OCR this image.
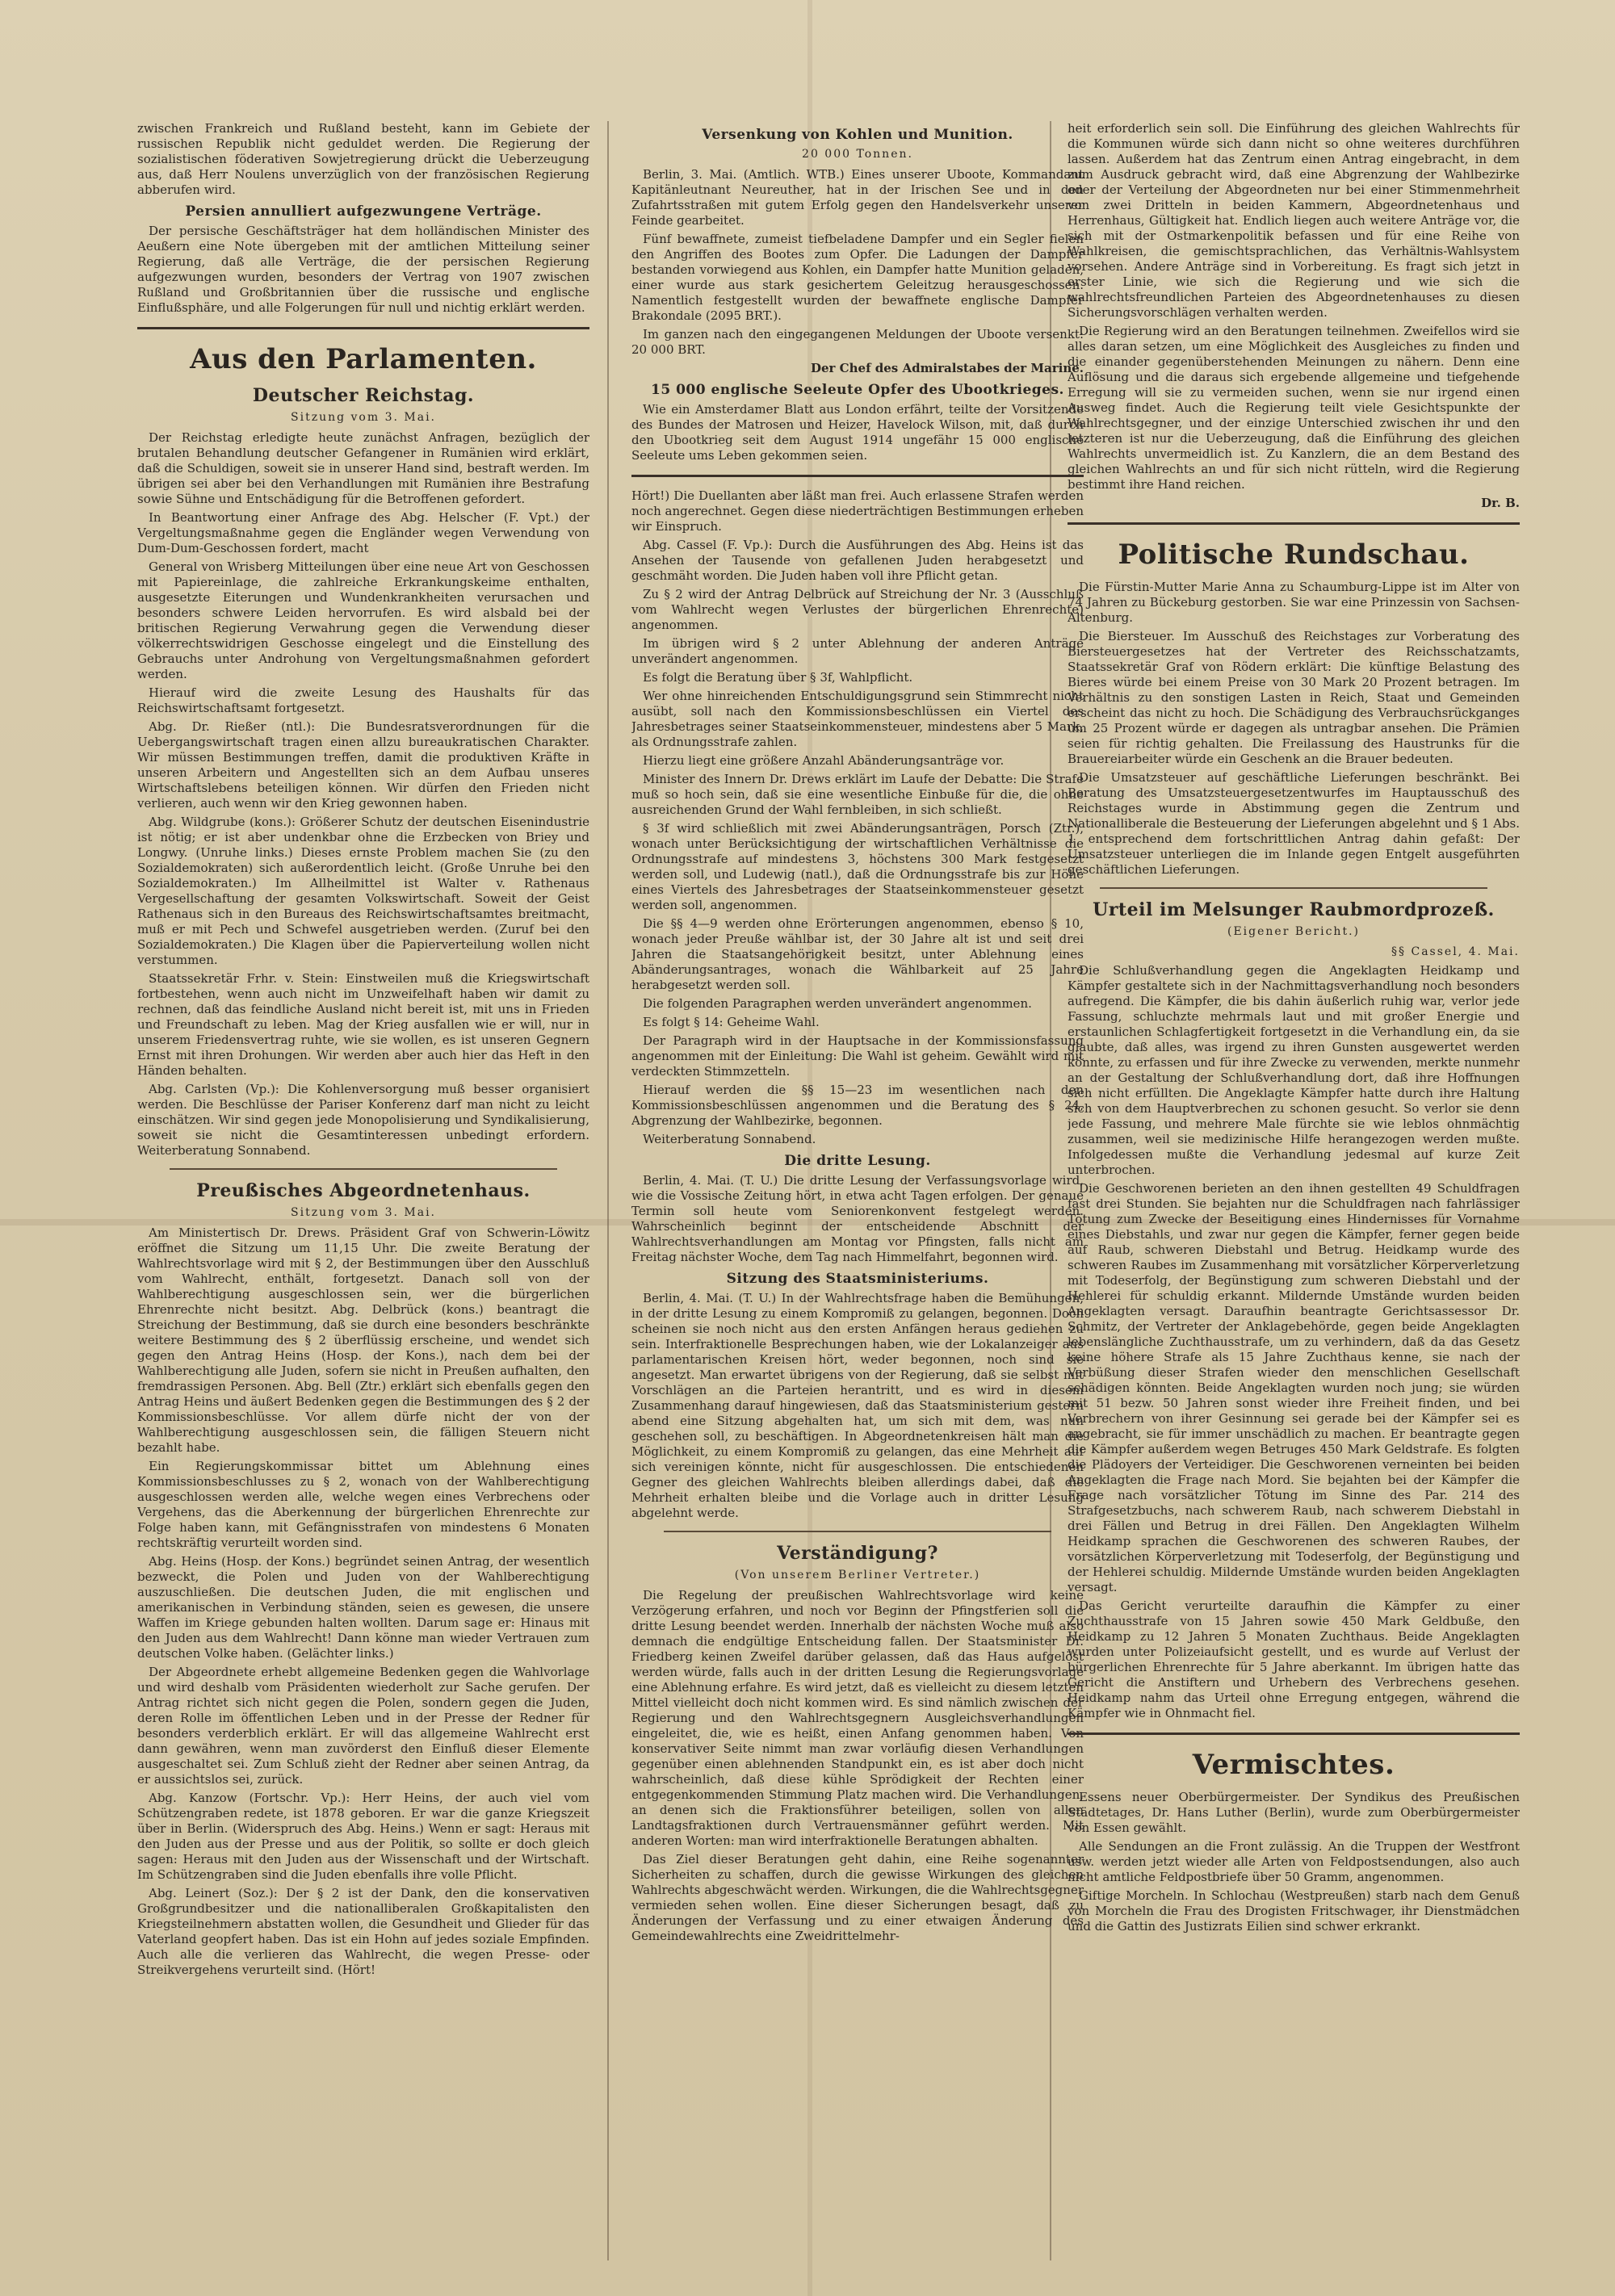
zwischen Frankreich und Rußland besteht, kann im Gebiete der russischen Republik nicht geduldet werden. Die Regierung der sozialistischen föderativen Sowjetregierung drückt die Ueberzeugung aus, daß Herr Noulens unverzüglich von der französischen Regierung abberufen wird.

Persien annulliert aufgezwungene Verträge.

Der persische Geschäftsträger hat dem holländischen Minister des Aeußern eine Note übergeben mit der amtlichen Mitteilung seiner Regierung, daß alle Verträge, die der persischen Regierung aufgezwungen wurden, besonders der Vertrag von 1907 zwischen Rußland und Großbritannien über die russische und englische Einflußsphäre, und alle Folgerungen für null und nichtig erklärt werden.

Aus den Parlamenten.
Deutscher Reichstag.
Sitzung vom 3. Mai.

Der Reichstag erledigte heute zunächst Anfragen, bezüglich der brutalen Behandlung deutscher Gefangener in Rumänien wird erklärt, daß die Schuldigen, soweit sie in unserer Hand sind, bestraft werden. Im übrigen sei aber bei den Verhandlungen mit Rumänien ihre Bestrafung sowie Sühne und Entschädigung für die Betroffenen gefordert.

In Beantwortung einer Anfrage des Abg. Helscher (F. Vpt.) der Vergeltungsmaßnahme gegen die Engländer wegen Verwendung von Dum-Dum-Geschossen fordert, macht

General von Wrisberg Mitteilungen über eine neue Art von Geschossen mit Papiereinlage, die zahlreiche Erkrankungskeime enthalten, ausgesetzte Eiterungen und Wundenkrankheiten verursachen und besonders schwere Leiden hervorrufen. Es wird alsbald bei der britischen Regierung Verwahrung gegen die Verwendung dieser völkerrechtswidrigen Geschosse eingelegt und die Einstellung des Gebrauchs unter Androhung von Vergeltungsmaßnahmen gefordert werden.

Hierauf wird die zweite Lesung des Haushalts für das Reichswirtschaftsamt fortgesetzt.

Abg. Dr. Rießer (ntl.): Die Bundesratsverordnungen für die Uebergangswirtschaft tragen einen allzu bureaukratischen Charakter. Wir müssen Bestimmungen treffen, damit die produktiven Kräfte in unseren Arbeitern und Angestellten sich an dem Aufbau unseres Wirtschaftslebens beteiligen können. Wir dürfen den Frieden nicht verlieren, auch wenn wir den Krieg gewonnen haben.

Abg. Wildgrube (kons.): Größerer Schutz der deutschen Eisenindustrie ist nötig; er ist aber undenkbar ohne die Erzbecken von Briey und Longwy. (Unruhe links.) Dieses ernste Problem machen Sie (zu den Sozialdemokraten) sich außerordentlich leicht. (Große Unruhe bei den Sozialdemokraten.) Im Allheilmittel ist Walter v. Rathenaus Vergesellschaftung der gesamten Volkswirtschaft. Soweit der Geist Rathenaus sich in den Bureaus des Reichswirtschaftsamtes breitmacht, muß er mit Pech und Schwefel ausgetrieben werden. (Zuruf bei den Sozialdemokraten.) Die Klagen über die Papierverteilung wollen nicht verstummen.

Staatssekretär Frhr. v. Stein: Einstweilen muß die Kriegswirtschaft fortbestehen, wenn auch nicht im Unzweifelhaft haben wir damit zu rechnen, daß das feindliche Ausland nicht bereit ist, mit uns in Frieden und Freundschaft zu leben. Mag der Krieg ausfallen wie er will, nur in unserem Friedensvertrag ruhte, wie sie wollen, es ist unseren Gegnern Ernst mit ihren Drohungen. Wir werden aber auch hier das Heft in den Händen behalten.

Abg. Carlsten (Vp.): Die Kohlenversorgung muß besser organisiert werden. Die Beschlüsse der Pariser Konferenz darf man nicht zu leicht einschätzen. Wir sind gegen jede Monopolisierung und Syndikalisierung, soweit sie nicht die Gesamtinteressen unbedingt erfordern. Weiterberatung Sonnabend.

Preußisches Abgeordnetenhaus.
Sitzung vom 3. Mai.

Am Ministertisch Dr. Drews. Präsident Graf von Schwerin-Löwitz eröffnet die Sitzung um 11,15 Uhr. Die zweite Beratung der Wahlrechtsvorlage wird mit § 2, der Bestimmungen über den Ausschluß vom Wahlrecht, enthält, fortgesetzt. Danach soll von der Wahlberechtigung ausgeschlossen sein, wer die bürgerlichen Ehrenrechte nicht besitzt. Abg. Delbrück (kons.) beantragt die Streichung der Bestimmung, daß sie durch eine besonders beschränkte weitere Bestimmung des § 2 überflüssig erscheine, und wendet sich gegen den Antrag Heins (Hosp. der Kons.), nach dem bei der Wahlberechtigung alle Juden, sofern sie nicht in Preußen aufhalten, den fremdrassigen Personen. Abg. Bell (Ztr.) erklärt sich ebenfalls gegen den Antrag Heins und äußert Bedenken gegen die Bestimmungen des § 2 der Kommissionsbeschlüsse. Vor allem dürfe nicht der von der Wahlberechtigung ausgeschlossen sein, die fälligen Steuern nicht bezahlt habe.

Ein Regierungskommissar bittet um Ablehnung eines Kommissionsbeschlusses zu § 2, wonach von der Wahlberechtigung ausgeschlossen werden alle, welche wegen eines Verbrechens oder Vergehens, das die Aberkennung der bürgerlichen Ehrenrechte zur Folge haben kann, mit Gefängnisstrafen von mindestens 6 Monaten rechtskräftig verurteilt worden sind.

Abg. Heins (Hosp. der Kons.) begründet seinen Antrag, der wesentlich bezweckt, die Polen und Juden von der Wahlberechtigung auszuschließen. Die deutschen Juden, die mit englischen und amerikanischen in Verbindung ständen, seien es gewesen, die unsere Waffen im Kriege gebunden halten wollten. Darum sage er: Hinaus mit den Juden aus dem Wahlrecht! Dann könne man wieder Vertrauen zum deutschen Volke haben. (Gelächter links.)

Der Abgeordnete erhebt allgemeine Bedenken gegen die Wahlvorlage und wird deshalb vom Präsidenten wiederholt zur Sache gerufen. Der Antrag richtet sich nicht gegen die Polen, sondern gegen die Juden, deren Rolle im öffentlichen Leben und in der Presse der Redner für besonders verderblich erklärt. Er will das allgemeine Wahlrecht erst dann gewähren, wenn man zuvörderst den Einfluß dieser Elemente ausgeschaltet sei. Zum Schluß zieht der Redner aber seinen Antrag, da er aussichtslos sei, zurück.

Abg. Kanzow (Fortschr. Vp.): Herr Heins, der auch viel vom Schützengraben redete, ist 1878 geboren. Er war die ganze Kriegszeit über in Berlin. (Widerspruch des Abg. Heins.) Wenn er sagt: Heraus mit den Juden aus der Presse und aus der Politik, so sollte er doch gleich sagen: Heraus mit den Juden aus der Wissenschaft und der Wirtschaft. Im Schützengraben sind die Juden ebenfalls ihre volle Pflicht.

Abg. Leinert (Soz.): Der § 2 ist der Dank, den die konservativen Großgrundbesitzer und die nationalliberalen Großkapitalisten den Kriegsteilnehmern abstatten wollen, die Gesundheit und Glieder für das Vaterland geopfert haben. Das ist ein Hohn auf jedes soziale Empfinden. Auch alle die verlieren das Wahlrecht, die wegen Presse- oder Streikvergehens verurteilt sind. (Hört!

Versenkung von Kohlen und Munition.
20 000 Tonnen.

Berlin, 3. Mai. (Amtlich. WTB.) Eines unserer Uboote, Kommandant Kapitänleutnant Neureuther, hat in der Irischen See und in den Zufahrtsstraßen mit gutem Erfolg gegen den Handelsverkehr unserer Feinde gearbeitet.

Fünf bewaffnete, zumeist tiefbeladene Dampfer und ein Segler fielen den Angriffen des Bootes zum Opfer. Die Ladungen der Dampfer bestanden vorwiegend aus Kohlen, ein Dampfer hatte Munition geladen, einer wurde aus stark gesichertem Geleitzug herausgeschossen. Namentlich festgestellt wurden der bewaffnete englische Dampfer Brakondale (2095 BRT.).

Im ganzen nach den eingegangenen Meldungen der Uboote versenkt: 20 000 BRT.

Der Chef des Admiralstabes der Marine.
15 000 englische Seeleute Opfer des Ubootkrieges.

Wie ein Amsterdamer Blatt aus London erfährt, teilte der Vorsitzende des Bundes der Matrosen und Heizer, Havelock Wilson, mit, daß durch den Ubootkrieg seit dem August 1914 ungefähr 15 000 englische Seeleute ums Leben gekommen seien.

Hört!) Die Duellanten aber läßt man frei. Auch erlassene Strafen werden noch angerechnet. Gegen diese niederträchtigen Bestimmungen erheben wir Einspruch.

Abg. Cassel (F. Vp.): Durch die Ausführungen des Abg. Heins ist das Ansehen der Tausende von gefallenen Juden herabgesetzt und geschmäht worden. Die Juden haben voll ihre Pflicht getan.

Zu § 2 wird der Antrag Delbrück auf Streichung der Nr. 3 (Ausschluß vom Wahlrecht wegen Verlustes der bürgerlichen Ehrenrechte) angenommen.

Im übrigen wird § 2 unter Ablehnung der anderen Anträge unverändert angenommen.

Es folgt die Beratung über § 3f, Wahlpflicht.

Wer ohne hinreichenden Entschuldigungsgrund sein Stimmrecht nicht ausübt, soll nach den Kommissionsbeschlüssen ein Viertel des Jahresbetrages seiner Staatseinkommensteuer, mindestens aber 5 Mark, als Ordnungsstrafe zahlen.

Hierzu liegt eine größere Anzahl Abänderungsanträge vor.

Minister des Innern Dr. Drews erklärt im Laufe der Debatte: Die Strafe muß so hoch sein, daß sie eine wesentliche Einbuße für die, die ohne ausreichenden Grund der Wahl fernbleiben, in sich schließt.

§ 3f wird schließlich mit zwei Abänderungsanträgen, Porsch (Ztr.), wonach unter Berücksichtigung der wirtschaftlichen Verhältnisse die Ordnungsstrafe auf mindestens 3, höchstens 300 Mark festgesetzt werden soll, und Ludewig (natl.), daß die Ordnungsstrafe bis zur Höhe eines Viertels des Jahresbetrages der Staatseinkommensteuer gesetzt werden soll, angenommen.

Die §§ 4—9 werden ohne Erörterungen angenommen, ebenso § 10, wonach jeder Preuße wählbar ist, der 30 Jahre alt ist und seit drei Jahren die Staatsangehörigkeit besitzt, unter Ablehnung eines Abänderungsantrages, wonach die Wählbarkeit auf 25 Jahre herabgesetzt werden soll.

Die folgenden Paragraphen werden unverändert angenommen.

Es folgt § 14: Geheime Wahl.

Der Paragraph wird in der Hauptsache in der Kommissionsfassung angenommen mit der Einleitung: Die Wahl ist geheim. Gewählt wird mit verdeckten Stimmzetteln.

Hierauf werden die §§ 15—23 im wesentlichen nach den Kommissionsbeschlüssen angenommen und die Beratung des § 24, Abgrenzung der Wahlbezirke, begonnen.

Weiterberatung Sonnabend.

Die dritte Lesung.

Berlin, 4. Mai. (T. U.) Die dritte Lesung der Verfassungsvorlage wird, wie die Vossische Zeitung hört, in etwa acht Tagen erfolgen. Der genaue Termin soll heute vom Seniorenkonvent festgelegt werden. Wahrscheinlich beginnt der entscheidende Abschnitt der Wahlrechtsverhandlungen am Montag vor Pfingsten, falls nicht am Freitag nächster Woche, dem Tag nach Himmelfahrt, begonnen wird.

Sitzung des Staatsministeriums.

Berlin, 4. Mai. (T. U.) In der Wahlrechtsfrage haben die Bemühungen, in der dritte Lesung zu einem Kompromiß zu gelangen, begonnen. Doch scheinen sie noch nicht aus den ersten Anfängen heraus gediehen zu sein. Interfraktionelle Besprechungen haben, wie der Lokalanzeiger aus parlamentarischen Kreisen hört, weder begonnen, noch sind sie angesetzt. Man erwartet übrigens von der Regierung, daß sie selbst mit Vorschlägen an die Parteien herantritt, und es wird in diesem Zusammenhang darauf hingewiesen, daß das Staatsministerium gestern abend eine Sitzung abgehalten hat, um sich mit dem, was nun geschehen soll, zu beschäftigen. In Abgeordnetenkreisen hält man die Möglichkeit, zu einem Kompromiß zu gelangen, das eine Mehrheit auf sich vereinigen könnte, nicht für ausgeschlossen. Die entschiedenen Gegner des gleichen Wahlrechts bleiben allerdings dabei, daß die Mehrheit erhalten bleibe und die Vorlage auch in dritter Lesung abgelehnt werde.

Verständigung?
(Von unserem Berliner Vertreter.)

Die Regelung der preußischen Wahlrechtsvorlage wird keine Verzögerung erfahren, und noch vor Beginn der Pfingstferien soll die dritte Lesung beendet werden. Innerhalb der nächsten Woche muß also demnach die endgültige Entscheidung fallen. Der Staatsminister Dr. Friedberg keinen Zweifel darüber gelassen, daß das Haus aufgelöst werden würde, falls auch in der dritten Lesung die Regierungsvorlage eine Ablehnung erfahre. Es wird jetzt, daß es vielleicht zu diesem letzten Mittel vielleicht doch nicht kommen wird. Es sind nämlich zwischen der Regierung und den Wahlrechtsgegnern Ausgleichsverhandlungen eingeleitet, die, wie es heißt, einen Anfang genommen haben. Von konservativer Seite nimmt man zwar vorläufig diesen Verhandlungen gegenüber einen ablehnenden Standpunkt ein, es ist aber doch nicht wahrscheinlich, daß diese kühle Sprödigkeit der Rechten einer entgegenkommenden Stimmung Platz machen wird. Die Verhandlungen, an denen sich die Fraktionsführer beteiligen, sollen von allen Landtagsfraktionen durch Vertrauensmänner geführt werden. Mit anderen Worten: man wird interfraktionelle Beratungen abhalten.

Das Ziel dieser Beratungen geht dahin, eine Reihe sogenannter Sicherheiten zu schaffen, durch die gewisse Wirkungen des gleichen Wahlrechts abgeschwächt werden. Wirkungen, die die Wahlrechtsgegner vermieden sehen wollen. Eine dieser Sicherungen besagt, daß zu Änderungen der Verfassung und zu einer etwaigen Änderung des Gemeindewahlrechts eine Zweidrittelmehr-

heit erforderlich sein soll. Die Einführung des gleichen Wahlrechts für die Kommunen würde sich dann nicht so ohne weiteres durchführen lassen. Außerdem hat das Zentrum einen Antrag eingebracht, in dem zum Ausdruck gebracht wird, daß eine Abgrenzung der Wahlbezirke oder der Verteilung der Abgeordneten nur bei einer Stimmenmehrheit von zwei Dritteln in beiden Kammern, Abgeordnetenhaus und Herrenhaus, Gültigkeit hat. Endlich liegen auch weitere Anträge vor, die sich mit der Ostmarkenpolitik befassen und für eine Reihe von Wahlkreisen, die gemischtsprachlichen, das Verhältnis-Wahlsystem vorsehen. Andere Anträge sind in Vorbereitung. Es fragt sich jetzt in erster Linie, wie sich die Regierung und wie sich die wahlrechtsfreundlichen Parteien des Abgeordnetenhauses zu diesen Sicherungsvorschlägen verhalten werden.

Die Regierung wird an den Beratungen teilnehmen. Zweifellos wird sie alles daran setzen, um eine Möglichkeit des Ausgleiches zu finden und die einander gegenüberstehenden Meinungen zu nähern. Denn eine Auflösung und die daraus sich ergebende allgemeine und tiefgehende Erregung will sie zu vermeiden suchen, wenn sie nur irgend einen Ausweg findet. Auch die Regierung teilt viele Gesichtspunkte der Wahlrechtsgegner, und der einzige Unterschied zwischen ihr und den letzteren ist nur die Ueberzeugung, daß die Einführung des gleichen Wahlrechts unvermeidlich ist. Zu Kanzlern, die an dem Bestand des gleichen Wahlrechts an und für sich nicht rütteln, wird die Regierung bestimmt ihre Hand reichen.

Dr. B.
Politische Rundschau.

Die Fürstin-Mutter Marie Anna zu Schaumburg-Lippe ist im Alter von 74 Jahren zu Bückeburg gestorben. Sie war eine Prinzessin von Sachsen-Altenburg.

Die Biersteuer. Im Ausschuß des Reichstages zur Vorberatung des Biersteuergesetzes hat der Vertreter des Reichsschatzamts, Staatssekretär Graf von Rödern erklärt: Die künftige Belastung des Bieres würde bei einem Preise von 30 Mark 20 Prozent betragen. Im Verhältnis zu den sonstigen Lasten in Reich, Staat und Gemeinden erscheint das nicht zu hoch. Die Schädigung des Verbrauchsrückganges um 25 Prozent würde er dagegen als untragbar ansehen. Die Prämien seien für richtig gehalten. Die Freilassung des Haustrunks für die Brauereiarbeiter würde ein Geschenk an die Brauer bedeuten.

Die Umsatzsteuer auf geschäftliche Lieferungen beschränkt. Bei Beratung des Umsatzsteuergesetzentwurfes im Hauptausschuß des Reichstages wurde in Abstimmung gegen die Zentrum und Nationalliberale die Besteuerung der Lieferungen abgelehnt und § 1 Abs. 1 entsprechend dem fortschrittlichen Antrag dahin gefaßt: Der Umsatzsteuer unterliegen die im Inlande gegen Entgelt ausgeführten geschäftlichen Lieferungen.

Urteil im Melsunger Raubmordprozeß.
(Eigener Bericht.)
§§ Cassel, 4. Mai.

Die Schlußverhandlung gegen die Angeklagten Heidkamp und Kämpfer gestaltete sich in der Nachmittagsverhandlung noch besonders aufregend. Die Kämpfer, die bis dahin äußerlich ruhig war, verlor jede Fassung, schluchzte mehrmals laut und mit großer Energie und erstaunlichen Schlagfertigkeit fortgesetzt in die Verhandlung ein, da sie glaubte, daß alles, was irgend zu ihren Gunsten ausgewertet werden könnte, zu erfassen und für ihre Zwecke zu verwenden, merkte nunmehr an der Gestaltung der Schlußverhandlung dort, daß ihre Hoffnungen sich nicht erfüllten. Die Angeklagte Kämpfer hatte durch ihre Haltung sich von dem Hauptverbrechen zu schonen gesucht. So verlor sie denn jede Fassung, und mehrere Male fürchte sie wie leblos ohnmächtig zusammen, weil sie medizinische Hilfe herangezogen werden mußte. Infolgedessen mußte die Verhandlung jedesmal auf kurze Zeit unterbrochen.

Die Geschworenen berieten an den ihnen gestellten 49 Schuldfragen fast drei Stunden. Sie bejahten nur die Schuldfragen nach fahrlässiger Tötung zum Zwecke der Beseitigung eines Hindernisses für Vornahme eines Diebstahls, und zwar nur gegen die Kämpfer, ferner gegen beide auf Raub, schweren Diebstahl und Betrug. Heidkamp wurde des schweren Raubes im Zusammenhang mit vorsätzlicher Körperverletzung mit Todeserfolg, der Begünstigung zum schweren Diebstahl und der Hehlerei für schuldig erkannt. Mildernde Umstände wurden beiden Angeklagten versagt. Daraufhin beantragte Gerichtsassessor Dr. Schmitz, der Vertreter der Anklagebehörde, gegen beide Angeklagten lebenslängliche Zuchthausstrafe, um zu verhindern, daß da das Gesetz keine höhere Strafe als 15 Jahre Zuchthaus kenne, sie nach der Verbüßung dieser Strafen wieder den menschlichen Gesellschaft schädigen könnten. Beide Angeklagten wurden noch jung; sie würden mit 51 bezw. 50 Jahren sonst wieder ihre Freiheit finden, und bei Verbrechern von ihrer Gesinnung sei gerade bei der Kämpfer sei es angebracht, sie für immer unschädlich zu machen. Er beantragte gegen die Kämpfer außerdem wegen Betruges 450 Mark Geldstrafe. Es folgten die Plädoyers der Verteidiger. Die Geschworenen verneinten bei beiden Angeklagten die Frage nach Mord. Sie bejahten bei der Kämpfer die Frage nach vorsätzlicher Tötung im Sinne des Par. 214 des Strafgesetzbuchs, nach schwerem Raub, nach schwerem Diebstahl in drei Fällen und Betrug in drei Fällen. Den Angeklagten Wilhelm Heidkamp sprachen die Geschworenen des schweren Raubes, der vorsätzlichen Körperverletzung mit Todeserfolg, der Begünstigung und der Hehlerei schuldig. Mildernde Umstände wurden beiden Angeklagten versagt.

Das Gericht verurteilte daraufhin die Kämpfer zu einer Zuchthausstrafe von 15 Jahren sowie 450 Mark Geldbuße, den Heidkamp zu 12 Jahren 5 Monaten Zuchthaus. Beide Angeklagten wurden unter Polizeiaufsicht gestellt, und es wurde auf Verlust der bürgerlichen Ehrenrechte für 5 Jahre aberkannt. Im übrigen hatte das Gericht die Anstiftern und Urhebern des Verbrechens gesehen. Heidkamp nahm das Urteil ohne Erregung entgegen, während die Kämpfer wie in Ohnmacht fiel.

Vermischtes.

Essens neuer Oberbürgermeister. Der Syndikus des Preußischen Städtetages, Dr. Hans Luther (Berlin), wurde zum Oberbürgermeister von Essen gewählt.

Alle Sendungen an die Front zulässig. An die Truppen der Westfront usw. werden jetzt wieder alle Arten von Feldpostsendungen, also auch nicht amtliche Feldpostbriefe über 50 Gramm, angenommen.

Giftige Morcheln. In Schlochau (Westpreußen) starb nach dem Genuß von Morcheln die Frau des Drogisten Fritschwager, ihr Dienstmädchen und die Gattin des Justizrats Eilien sind schwer erkrankt.
